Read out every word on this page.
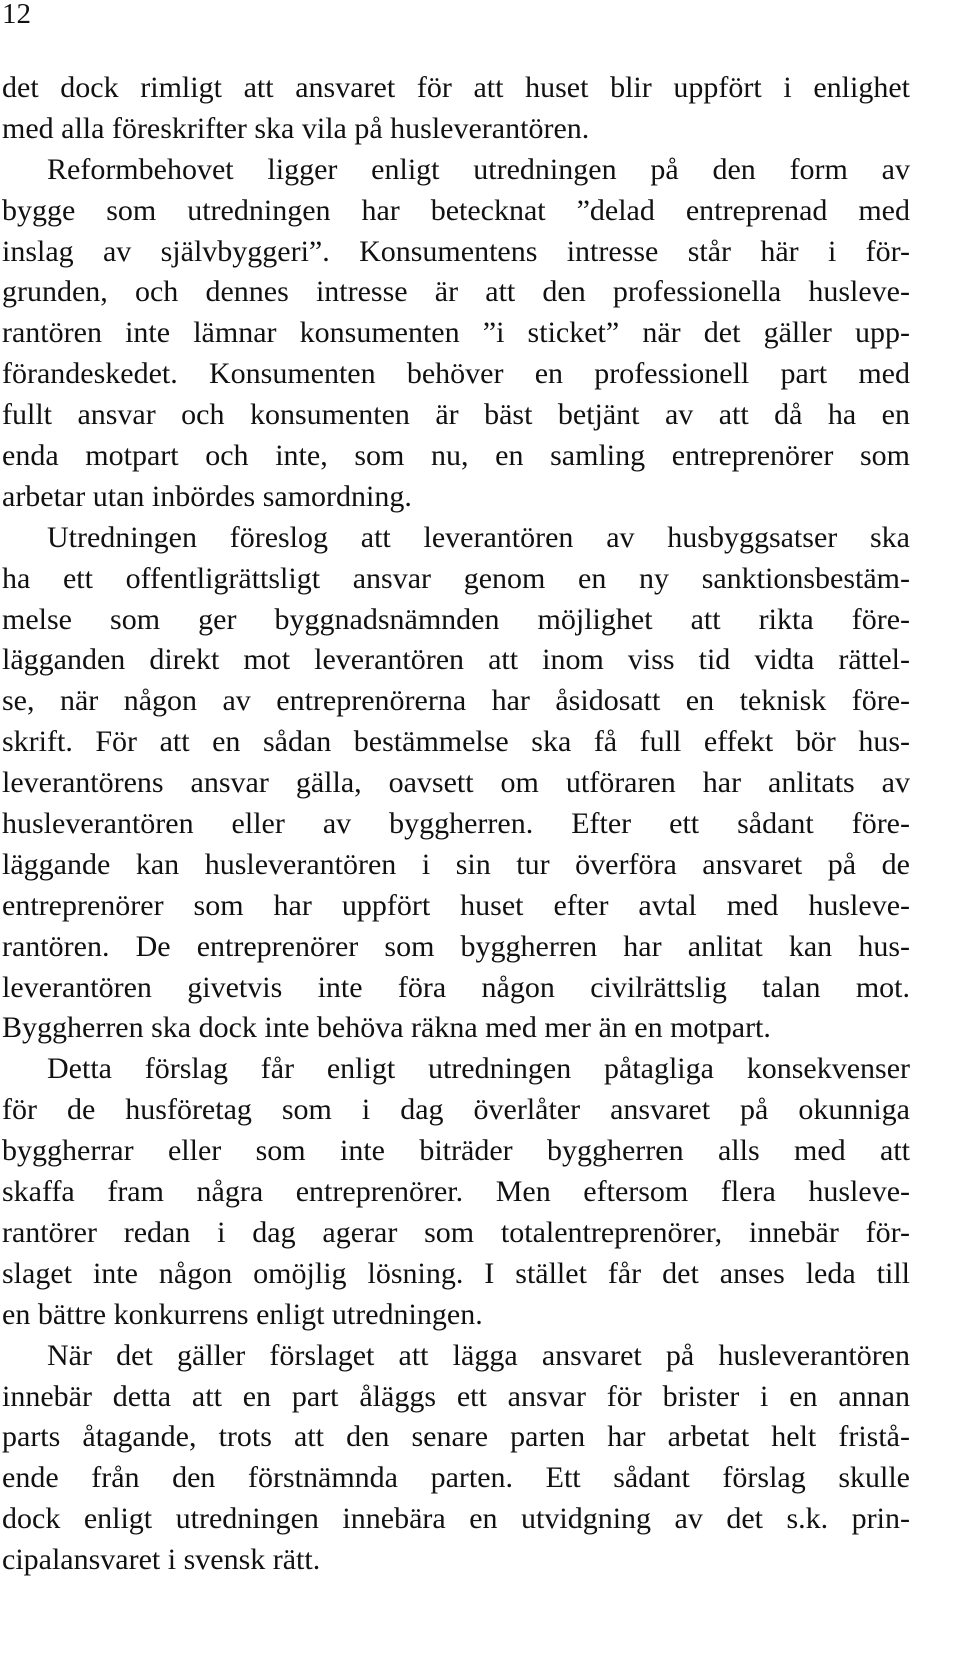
12
det dock rimligt att ansvaret för att huset blir uppfört i enlighet
med alla föreskrifter ska vila på husleverantören.
Reformbehovet ligger enligt utredningen på den form av
bygge som utredningen har betecknat ”delad entreprenad med
inslag av självbyggeri”. Konsumentens intresse står här i för-
grunden, och dennes intresse är att den professionella huslеve-
rantören inte lämnar konsumenten ”i sticket” när det gäller upp-
förandeskedet. Konsumenten behöver en professionell part med
fullt ansvar och konsumenten är bäst betjänt av att då ha en
enda motpart och inte, som nu, en samling entreprenörer som
arbetar utan inbördes samordning.
Utredningen föreslog att leverantören av husbyggsatser ska
ha ett offentligrättsligt ansvar genom en ny sanktionsbestäm-
melse som ger byggnadsnämnden möjlighet att rikta före-
lägganden direkt mot leverantören att inom viss tid vidta rättel-
se, när någon av entreprenörerna har åsidosatt en teknisk före-
skrift. För att en sådan bestämmelse ska få full effekt bör hus-
leverantörens ansvar gälla, oavsett om utföraren har anlitats av
husleverantören eller av byggherren. Efter ett sådant före-
läggande kan husleverantören i sin tur överföra ansvaret på de
entreprenörer som har uppfört huset efter avtal med husleve-
rantören. De entreprenörer som byggherren har anlitat kan hus-
leverantören givetvis inte föra någon civilrättslig talan mot.
Byggherren ska dock inte behöva räkna med mer än en motpart.
Detta förslag får enligt utredningen påtagliga konsekvenser
för de husföretag som i dag överlåter ansvaret på okunniga
byggherrar eller som inte biträder byggherren alls med att
skaffa fram några entreprenörer. Men eftersom flera husleve-
rantörer redan i dag agerar som totalentreprenörer, innebär för-
slaget inte någon omöjlig lösning. I stället får det anses leda till
en bättre konkurrens enligt utredningen.
När det gäller förslaget att lägga ansvaret på husleverantören
innebär detta att en part åläggs ett ansvar för brister i en annan
parts åtagande, trots att den senare parten har arbetat helt fristå-
ende från den förstnämnda parten. Ett sådant förslag skulle
dock enligt utredningen innebära en utvidgning av det s.k. prin-
cipalansvaret i svensk rätt.
